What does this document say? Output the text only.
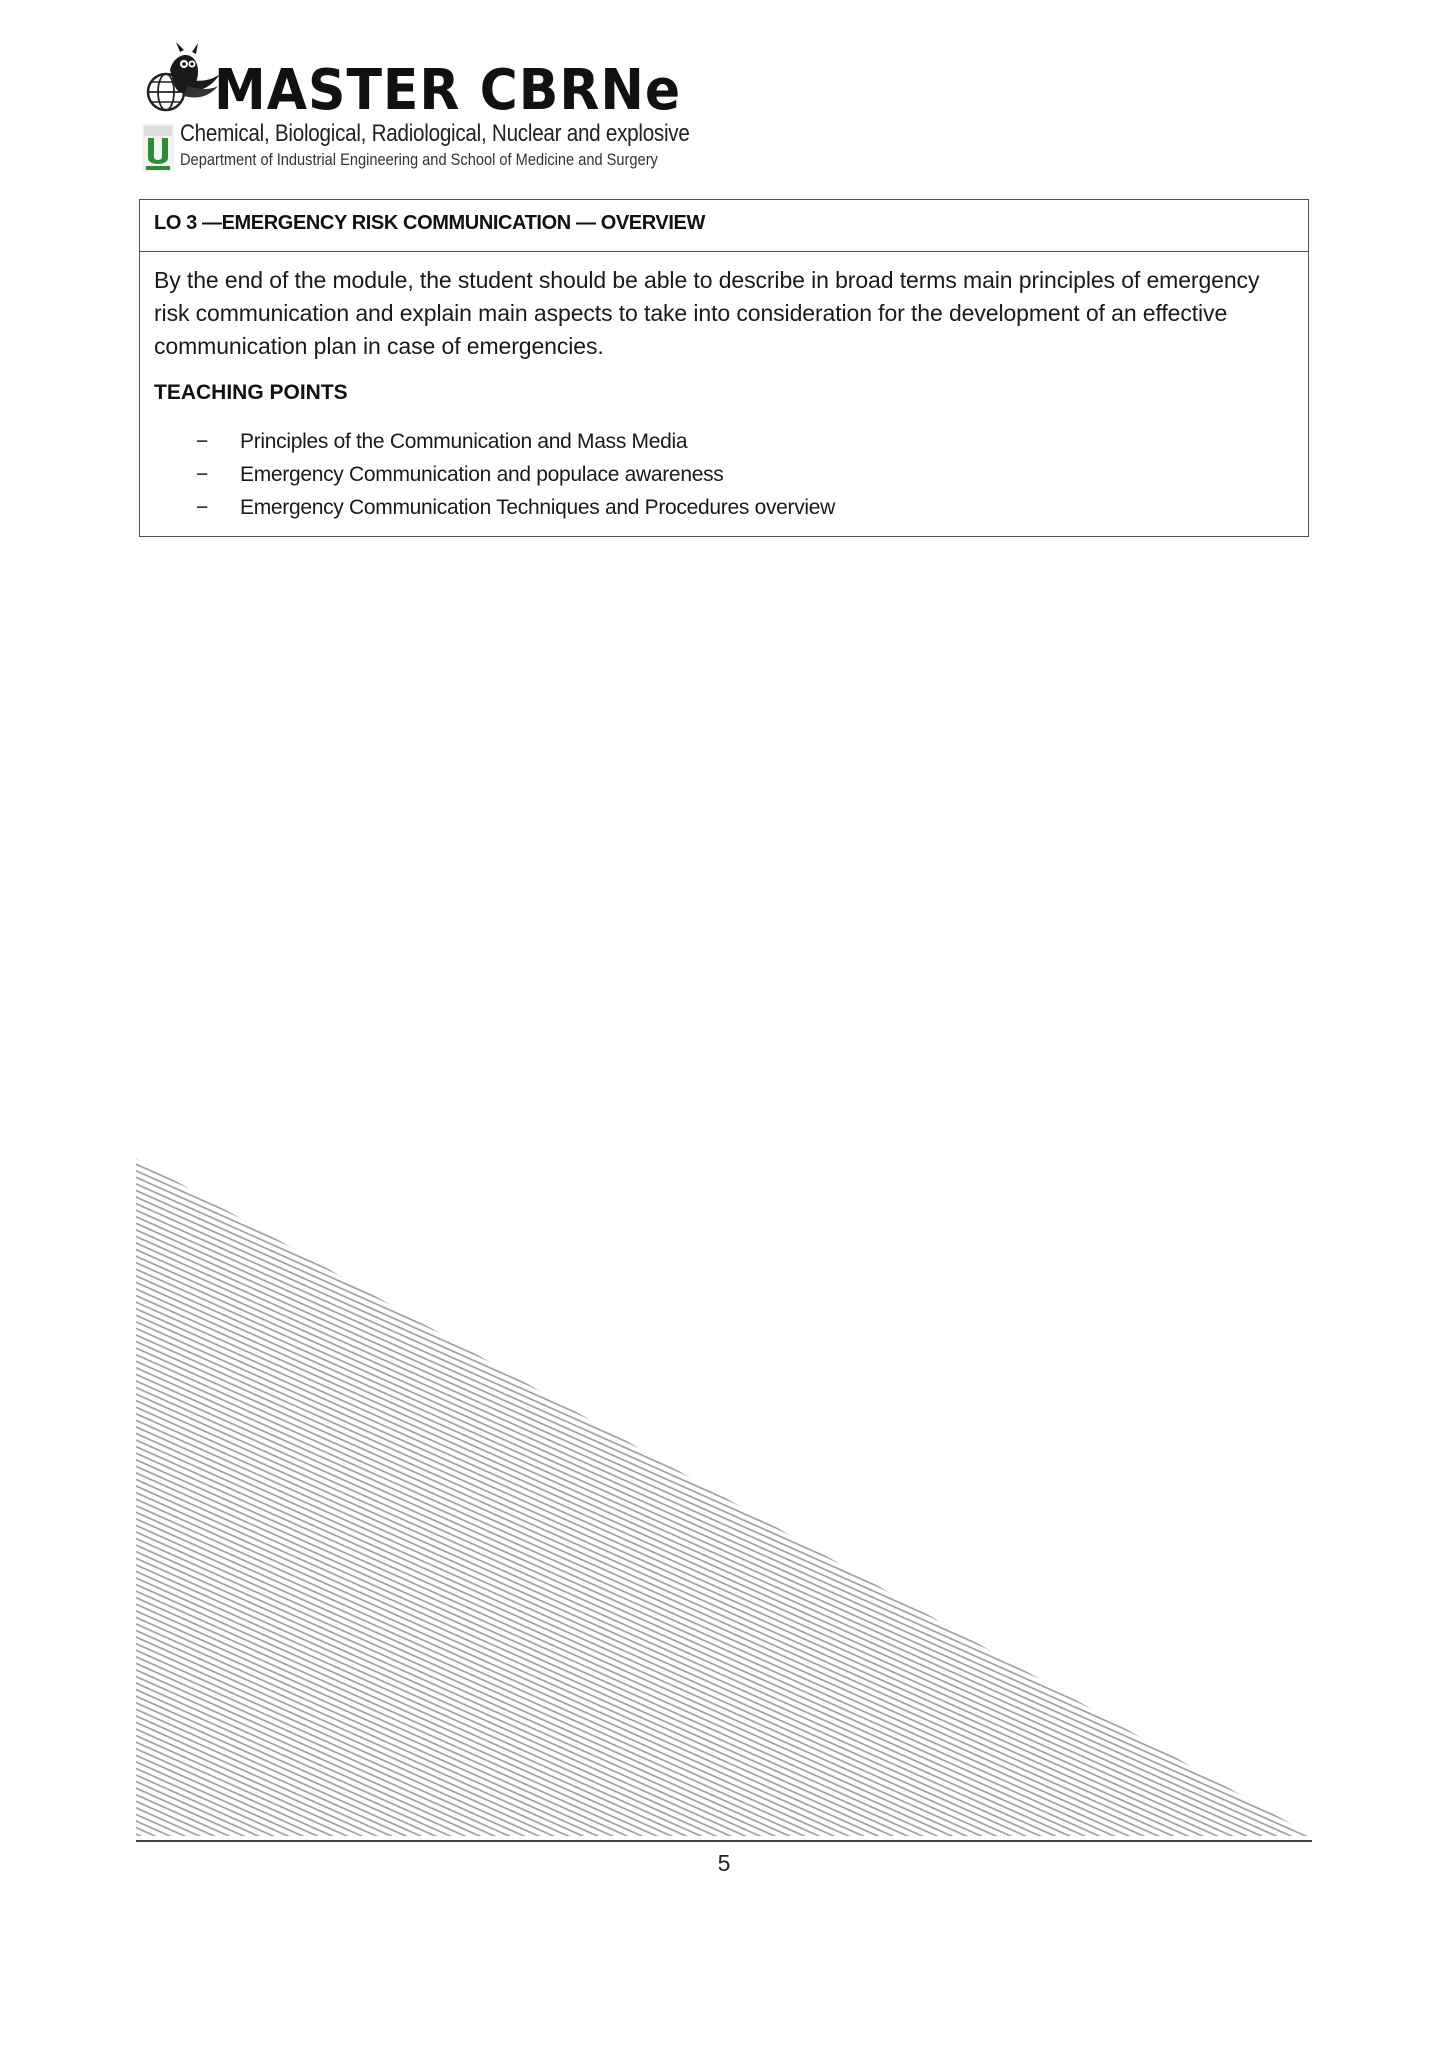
MASTER CBRNe
Chemical, Biological, Radiological, Nuclear and explosive
Department of Industrial Engineering and School of Medicine and Surgery
LO 3 —EMERGENCY RISK COMMUNICATION — OVERVIEW

By the end of the module, the student should be able to describe in broad terms main principles of emergency risk communication and explain main aspects to take into consideration for the development of an effective communication plan in case of emergencies.

TEACHING POINTS
− Principles of the Communication and Mass Media
− Emergency Communication and populace awareness
− Emergency Communication Techniques and Procedures overview
5
